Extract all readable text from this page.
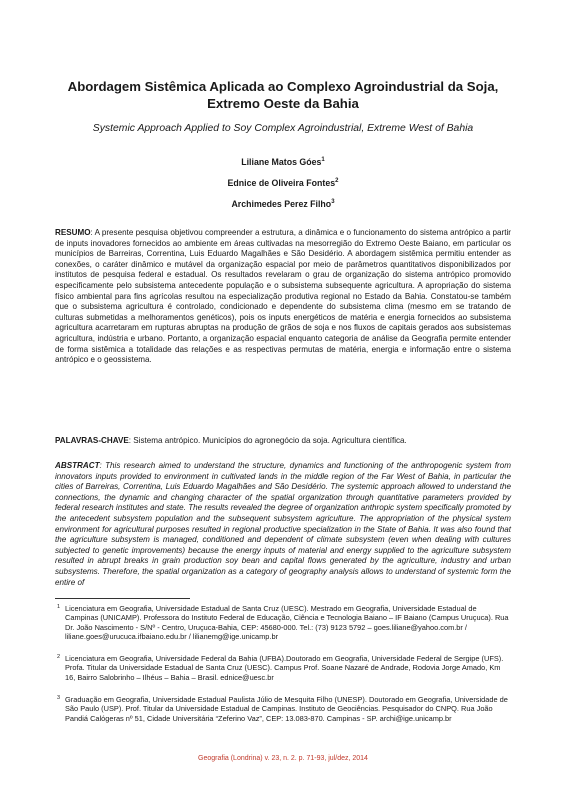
Abordagem Sistêmica Aplicada ao Complexo Agroindustrial da Soja, Extremo Oeste da Bahia
Systemic Approach Applied to Soy Complex Agroindustrial, Extreme West of Bahia
Liliane Matos Góes$^1$
Ednice de Oliveira Fontes$^2$
Archimedes Perez Filho$^3$
RESUMO: A presente pesquisa objetivou compreender a estrutura, a dinâmica e o funcionamento do sistema antrópico a partir de inputs inovadores fornecidos ao ambiente em áreas cultivadas na mesorregião do Extremo Oeste Baiano, em particular os municípios de Barreiras, Correntina, Luis Eduardo Magalhães e São Desidério. A abordagem sistêmica permitiu entender as conexões, o caráter dinâmico e mutável da organização espacial por meio de parâmetros quantitativos disponibilizados por institutos de pesquisa federal e estadual. Os resultados revelaram o grau de organização do sistema antrópico promovido especificamente pelo subsistema antecedente população e o subsistema subsequente agricultura. A apropriação do sistema físico ambiental para fins agrícolas resultou na especialização produtiva regional no Estado da Bahia. Constatou-se também que o subsistema agricultura é controlado, condicionado e dependente do subsistema clima (mesmo em se tratando de culturas submetidas a melhoramentos genéticos), pois os inputs energéticos de matéria e energia fornecidos ao subsistema agricultura acarretaram em rupturas abruptas na produção de grãos de soja e nos fluxos de capitais gerados aos subsistemas agricultura, indústria e urbano. Portanto, a organização espacial enquanto categoria de análise da Geografia permite entender de forma sistêmica a totalidade das relações e as respectivas permutas de matéria, energia e informação entre o sistema antrópico e o geossistema.
PALAVRAS-CHAVE: Sistema antrópico. Municípios do agronegócio da soja. Agricultura científica.
ABSTRACT: This research aimed to understand the structure, dynamics and functioning of the anthropogenic system from innovators inputs provided to environment in cultivated lands in the middle region of the Far West of Bahia, in particular the cities of Barreiras, Correntina, Luis Eduardo Magalhães and São Desidério. The systemic approach allowed to understand the connections, the dynamic and changing character of the spatial organization through quantitative parameters provided by federal research institutes and state. The results revealed the degree of organization anthropic system specifically promoted by the antecedent subsystem population and the subsequent subsystem agriculture. The appropriation of the physical system environment for agricultural purposes resulted in regional productive specialization in the State of Bahia. It was also found that the agriculture subsystem is managed, conditioned and dependent of climate subsystem (even when dealing with cultures subjected to genetic improvements) because the energy inputs of material and energy supplied to the agriculture subsystem resulted in abrupt breaks in grain production soy bean and capital flows generated by the agriculture, industry and urban subsystems. Therefore, the spatial organization as a category of geography analysis allows to understand of systemic form the entire of
1 Licenciatura em Geografia, Universidade Estadual de Santa Cruz (UESC). Mestrado em Geografia, Universidade Estadual de Campinas (UNICAMP). Professora do Instituto Federal de Educação, Ciência e Tecnologia Baiano – IF Baiano (Campus Uruçuca). Rua Dr. João Nascimento - S/Nº - Centro, Uruçuca-Bahia, CEP: 45680-000. Tel.: (73) 9123 5792 – goes.liliane@yahoo.com.br / liliane.goes@urucuca.ifbaiano.edu.br / lilianemg@ige.unicamp.br
2 Licenciatura em Geografia, Universidade Federal da Bahia (UFBA).Doutorado em Geografia, Universidade Federal de Sergipe (UFS). Profa. Titular da Universidade Estadual de Santa Cruz (UESC). Campus Prof. Soane Nazaré de Andrade, Rodovia Jorge Amado, Km 16, Bairro Salobrinho – Ilhéus – Bahia – Brasil. ednice@uesc.br
3 Graduação em Geografia, Universidade Estadual Paulista Júlio de Mesquita Filho (UNESP). Doutorado em Geografia, Universidade de São Paulo (USP). Prof. Titular da Universidade Estadual de Campinas. Instituto de Geociências. Pesquisador do CNPQ. Rua João Pandiá Calógeras nº 51, Cidade Universitária “Zeferino Vaz”, CEP: 13.083-870. Campinas - SP. archi@ige.unicamp.br
Geografia (Londrina) v. 23, n. 2. p. 71-93, jul/dez, 2014
